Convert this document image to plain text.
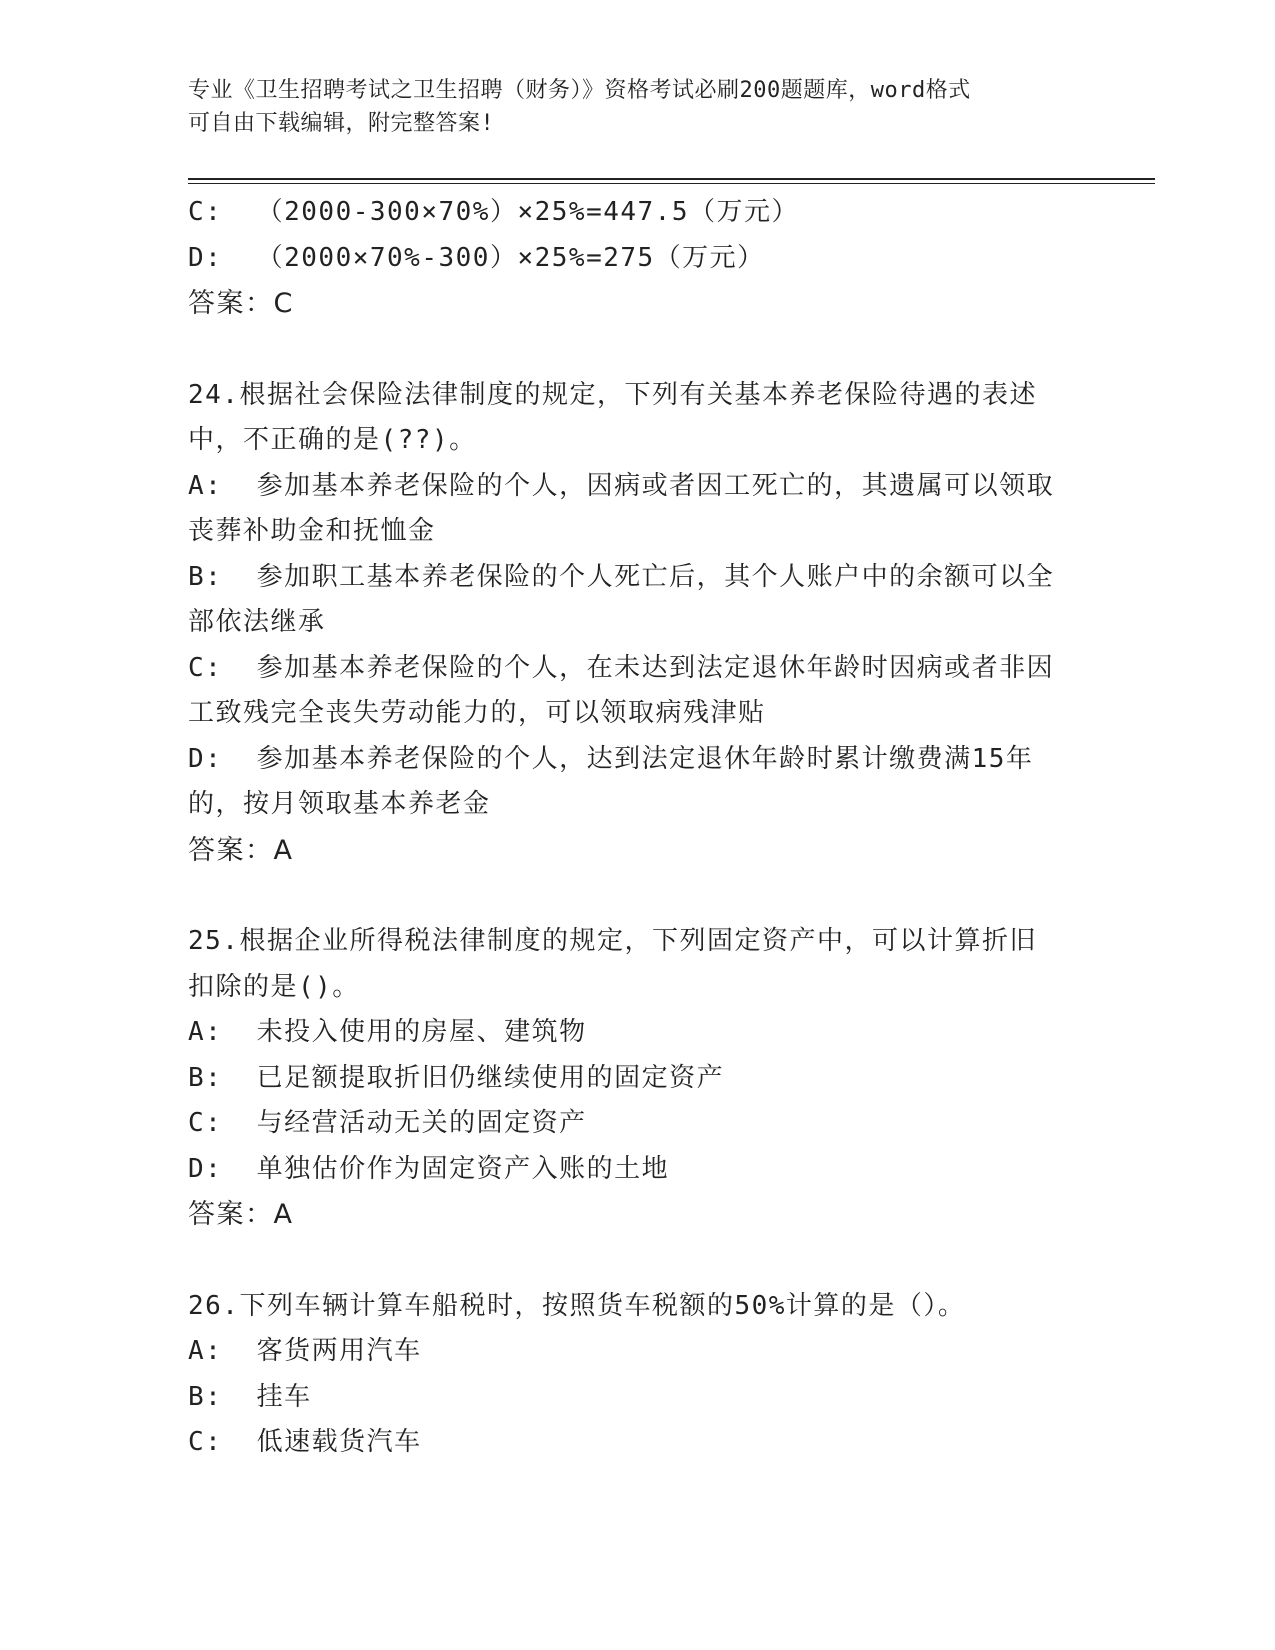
专业《卫生招聘考试之卫生招聘（财务）》资格考试必刷200题题库，word格式
可自由下载编辑，附完整答案!
C:  （2000-300×70%）×25%=447.5（万元）
D:  （2000×70%-300）×25%=275（万元）
答案：C
24.根据社会保险法律制度的规定，下列有关基本养老保险待遇的表述
中，不正确的是(??)。
A:  参加基本养老保险的个人，因病或者因工死亡的，其遗属可以领取
丧葬补助金和抚恤金
B:  参加职工基本养老保险的个人死亡后，其个人账户中的余额可以全
部依法继承
C:  参加基本养老保险的个人，在未达到法定退休年龄时因病或者非因
工致残完全丧失劳动能力的，可以领取病残津贴
D:  参加基本养老保险的个人，达到法定退休年龄时累计缴费满15年
的，按月领取基本养老金
答案：A
25.根据企业所得税法律制度的规定，下列固定资产中，可以计算折旧
扣除的是()。
A:  未投入使用的房屋、建筑物
B:  已足额提取折旧仍继续使用的固定资产
C:  与经营活动无关的固定资产
D:  单独估价作为固定资产入账的土地
答案：A
26.下列车辆计算车船税时，按照货车税额的50%计算的是（）。
A:  客货两用汽车
B:  挂车
C:  低速载货汽车
